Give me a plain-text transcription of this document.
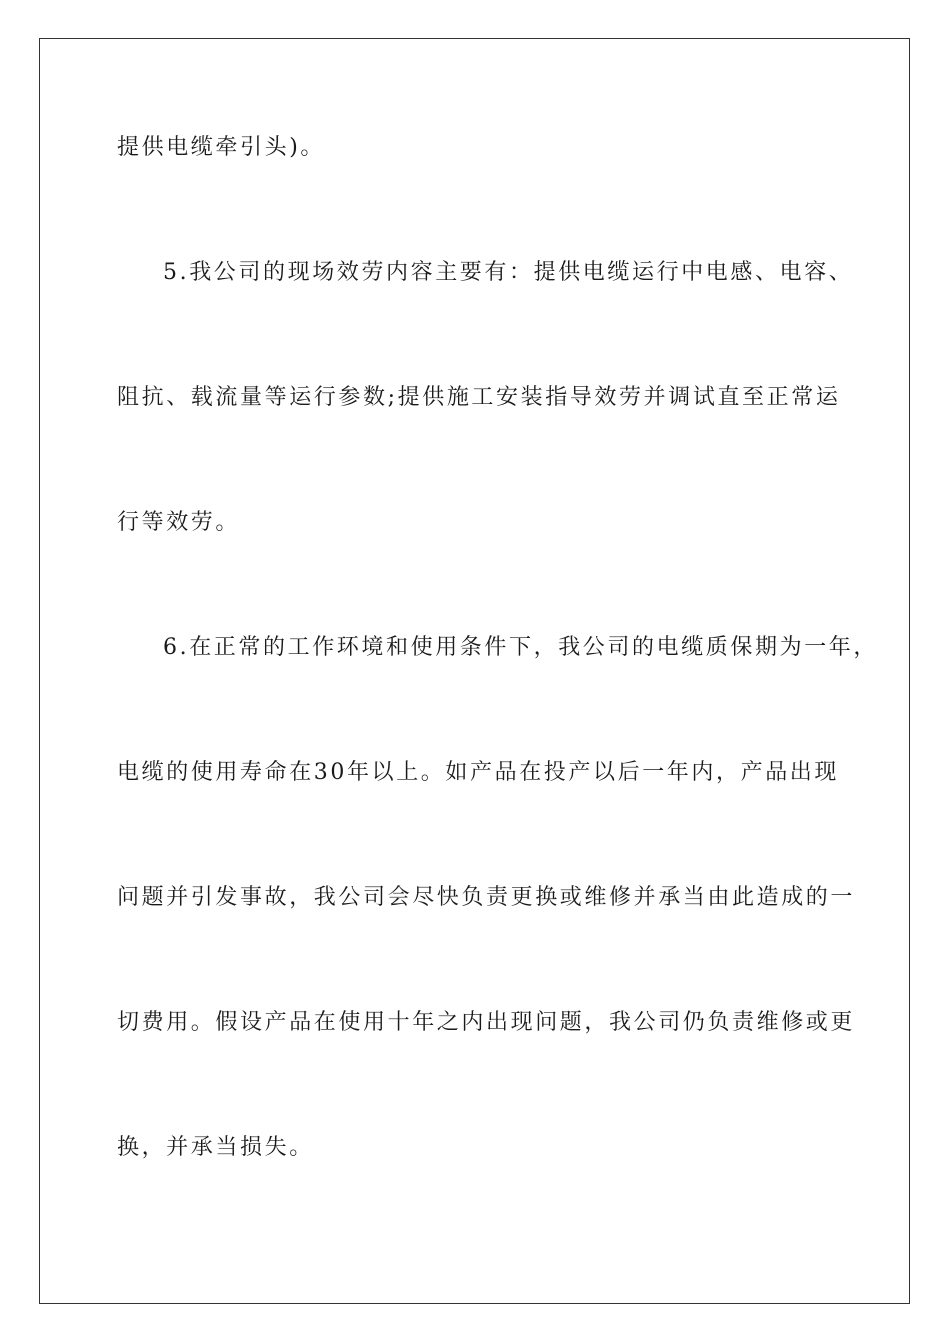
提供电缆牵引头)。
5.我公司的现场效劳内容主要有：提供电缆运行中电感、电容、
阻抗、载流量等运行参数;提供施工安装指导效劳并调试直至正常运
行等效劳。
6.在正常的工作环境和使用条件下，我公司的电缆质保期为一年，
电缆的使用寿命在30年以上。如产品在投产以后一年内，产品出现
问题并引发事故，我公司会尽快负责更换或维修并承当由此造成的一
切费用。假设产品在使用十年之内出现问题，我公司仍负责维修或更
换，并承当损失。
